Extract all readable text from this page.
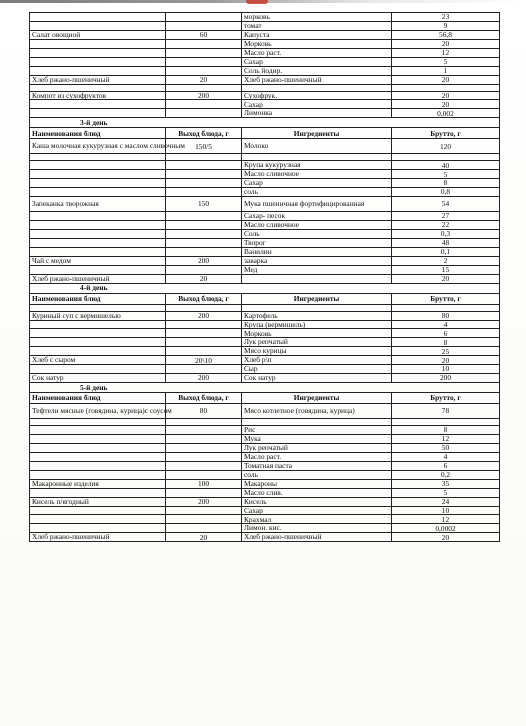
		морковь	23
		томат	9
Салат овощной	60	Капуста	56,8
		Морковь	20
		Масло раст.	12
		Сахар	5
		Соль йодир.	1
Хлеб ржано-пшеничный	20	Хлеб ржано-пшеничный	20

Компот из сухофруктов	200	Сухофрук.	20
		Сахар	20
		Лимонка	0,002
3-й день			
Наименования блюд	Выход блюда, г	Ингредиенты	Брутто, г
Каша молочная кукурузная с маслом сливочным	150/5	Молоко	120

		Крупа кукурузная	40
		Масло сливочное	5
		Сахар	8
		соль	0,8
Запеканка творожная	150	Мука пшеничная фортифицированная	54
		Сахар- песок	27
		Масло сливочное	22
		Соль	0,3
		Творог	48
		Ванилин	0,1
Чай с медом	200	заварка	2
		Мед	15
Хлеб ржано-пшеничный	20		20
4-й день			
Наименования блюд	Выход блюда, г	Ингредиенты	Брутто, г

Куриный суп с вермишелью	200	Картофель	80
		Крупа (вермишель)	4
		Морковь	6
		Лук репчатый	8
		Мясо курицы	25
Хлеб с сыром	20\10	Хлеб р\п	20
		Сыр	10
Сок натур	200	Сок натур	200
5-й день			
Наименования блюд	Выход блюда, г	Ингредиенты	Брутто, г
Тефтели мясные (говядина, курица)с соусом	80	Мясо котлетное (говядина, курица)	78

		Рис	8
		Мука	12
		Лук репчатый	50
		Масло раст.	4
		Томатная паста	6
		соль	0,2
Макаронные изделия	100	Макароны	35
		Масло слив.	5
Кисель п/ягодный	200	Кисель	24
		Сахар	10
		Крахмал	12
		Лимон. кис.	0,0002
Хлеб ржано-пшеничный	20	Хлеб ржано-пшеничный	20
